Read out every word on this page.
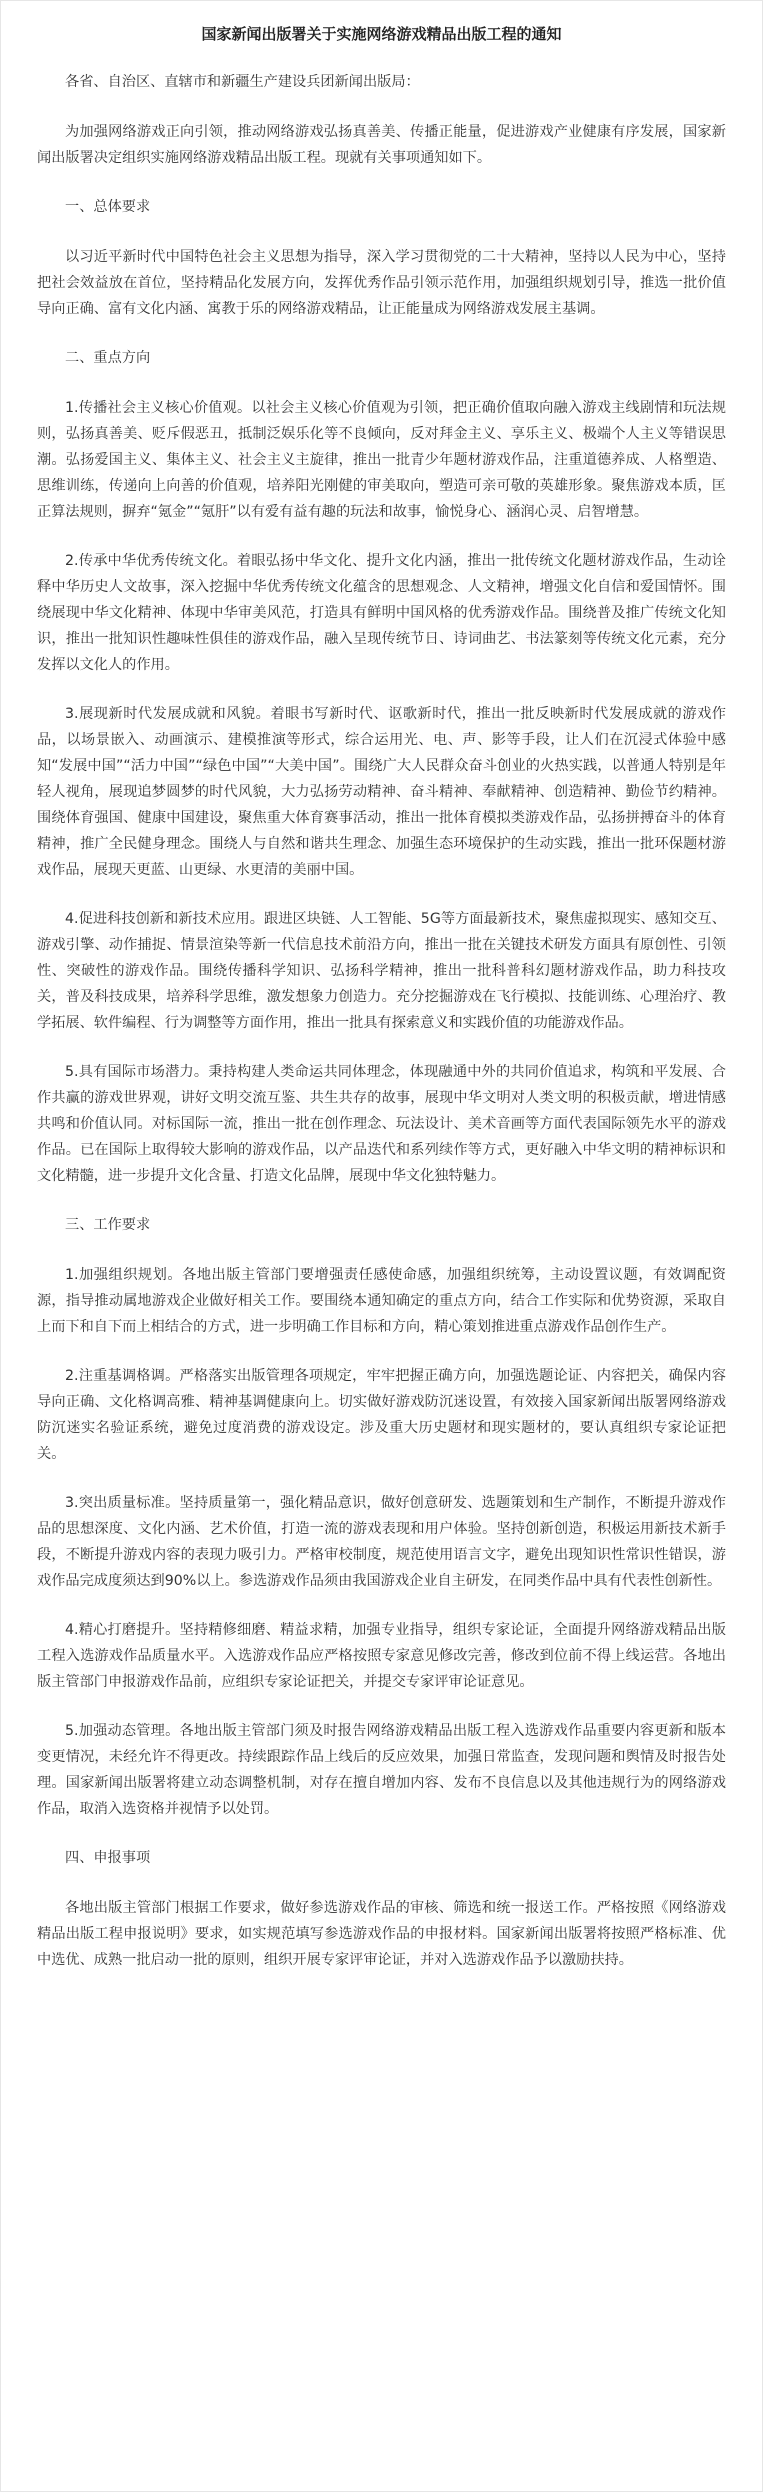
国家新闻出版署关于实施网络游戏精品出版工程的通知

各省、自治区、直辖市和新疆生产建设兵团新闻出版局：

为加强网络游戏正向引领，推动网络游戏弘扬真善美、传播正能量，促进游戏产业健康有序发展，国家新闻出版署决定组织实施网络游戏精品出版工程。现就有关事项通知如下。

一、总体要求

以习近平新时代中国特色社会主义思想为指导，深入学习贯彻党的二十大精神，坚持以人民为中心，坚持把社会效益放在首位，坚持精品化发展方向，发挥优秀作品引领示范作用，加强组织规划引导，推选一批价值导向正确、富有文化内涵、寓教于乐的网络游戏精品，让正能量成为网络游戏发展主基调。

二、重点方向

1.传播社会主义核心价值观。以社会主义核心价值观为引领，把正确价值取向融入游戏主线剧情和玩法规则，弘扬真善美、贬斥假恶丑，抵制泛娱乐化等不良倾向，反对拜金主义、享乐主义、极端个人主义等错误思潮。弘扬爱国主义、集体主义、社会主义主旋律，推出一批青少年题材游戏作品，注重道德养成、人格塑造、思维训练，传递向上向善的价值观，培养阳光刚健的审美取向，塑造可亲可敬的英雄形象。聚焦游戏本质，匡正算法规则，摒弃“氪金”“氪肝”以有爱有益有趣的玩法和故事，愉悦身心、涵润心灵、启智增慧。

2.传承中华优秀传统文化。着眼弘扬中华文化、提升文化内涵，推出一批传统文化题材游戏作品，生动诠释中华历史人文故事，深入挖掘中华优秀传统文化蕴含的思想观念、人文精神，增强文化自信和爱国情怀。围绕展现中华文化精神、体现中华审美风范，打造具有鲜明中国风格的优秀游戏作品。围绕普及推广传统文化知识，推出一批知识性趣味性俱佳的游戏作品，融入呈现传统节日、诗词曲艺、书法篆刻等传统文化元素，充分发挥以文化人的作用。

3.展现新时代发展成就和风貌。着眼书写新时代、讴歌新时代，推出一批反映新时代发展成就的游戏作品，以场景嵌入、动画演示、建模推演等形式，综合运用光、电、声、影等手段，让人们在沉浸式体验中感知“发展中国”“活力中国”“绿色中国”“大美中国”。围绕广大人民群众奋斗创业的火热实践，以普通人特别是年轻人视角，展现追梦圆梦的时代风貌，大力弘扬劳动精神、奋斗精神、奉献精神、创造精神、勤俭节约精神。围绕体育强国、健康中国建设，聚焦重大体育赛事活动，推出一批体育模拟类游戏作品，弘扬拼搏奋斗的体育精神，推广全民健身理念。围绕人与自然和谐共生理念、加强生态环境保护的生动实践，推出一批环保题材游戏作品，展现天更蓝、山更绿、水更清的美丽中国。

4.促进科技创新和新技术应用。跟进区块链、人工智能、5G等方面最新技术，聚焦虚拟现实、感知交互、游戏引擎、动作捕捉、情景渲染等新一代信息技术前沿方向，推出一批在关键技术研发方面具有原创性、引领性、突破性的游戏作品。围绕传播科学知识、弘扬科学精神，推出一批科普科幻题材游戏作品，助力科技攻关，普及科技成果，培养科学思维，激发想象力创造力。充分挖掘游戏在飞行模拟、技能训练、心理治疗、教学拓展、软件编程、行为调整等方面作用，推出一批具有探索意义和实践价值的功能游戏作品。

5.具有国际市场潜力。秉持构建人类命运共同体理念，体现融通中外的共同价值追求，构筑和平发展、合作共赢的游戏世界观，讲好文明交流互鉴、共生共存的故事，展现中华文明对人类文明的积极贡献，增进情感共鸣和价值认同。对标国际一流，推出一批在创作理念、玩法设计、美术音画等方面代表国际领先水平的游戏作品。已在国际上取得较大影响的游戏作品，以产品迭代和系列续作等方式，更好融入中华文明的精神标识和文化精髓，进一步提升文化含量、打造文化品牌，展现中华文化独特魅力。

三、工作要求

1.加强组织规划。各地出版主管部门要增强责任感使命感，加强组织统筹，主动设置议题，有效调配资源，指导推动属地游戏企业做好相关工作。要围绕本通知确定的重点方向，结合工作实际和优势资源，采取自上而下和自下而上相结合的方式，进一步明确工作目标和方向，精心策划推进重点游戏作品创作生产。

2.注重基调格调。严格落实出版管理各项规定，牢牢把握正确方向，加强选题论证、内容把关，确保内容导向正确、文化格调高雅、精神基调健康向上。切实做好游戏防沉迷设置，有效接入国家新闻出版署网络游戏防沉迷实名验证系统，避免过度消费的游戏设定。涉及重大历史题材和现实题材的，要认真组织专家论证把关。

3.突出质量标准。坚持质量第一，强化精品意识，做好创意研发、选题策划和生产制作，不断提升游戏作品的思想深度、文化内涵、艺术价值，打造一流的游戏表现和用户体验。坚持创新创造，积极运用新技术新手段，不断提升游戏内容的表现力吸引力。严格审校制度，规范使用语言文字，避免出现知识性常识性错误，游戏作品完成度须达到90%以上。参选游戏作品须由我国游戏企业自主研发，在同类作品中具有代表性创新性。

4.精心打磨提升。坚持精修细磨、精益求精，加强专业指导，组织专家论证，全面提升网络游戏精品出版工程入选游戏作品质量水平。入选游戏作品应严格按照专家意见修改完善，修改到位前不得上线运营。各地出版主管部门申报游戏作品前，应组织专家论证把关，并提交专家评审论证意见。

5.加强动态管理。各地出版主管部门须及时报告网络游戏精品出版工程入选游戏作品重要内容更新和版本变更情况，未经允许不得更改。持续跟踪作品上线后的反应效果，加强日常监查，发现问题和舆情及时报告处理。国家新闻出版署将建立动态调整机制，对存在擅自增加内容、发布不良信息以及其他违规行为的网络游戏作品，取消入选资格并视情予以处罚。

四、申报事项

各地出版主管部门根据工作要求，做好参选游戏作品的审核、筛选和统一报送工作。严格按照《网络游戏精品出版工程申报说明》要求，如实规范填写参选游戏作品的申报材料。国家新闻出版署将按照严格标准、优中选优、成熟一批启动一批的原则，组织开展专家评审论证，并对入选游戏作品予以激励扶持。
